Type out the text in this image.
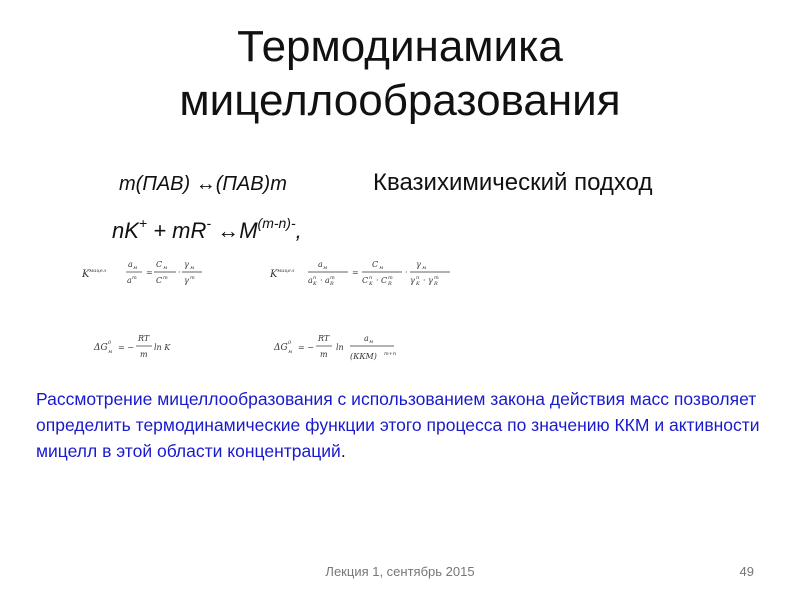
Термодинамика
мицеллообразования
m(ПАВ) ↔(ПАВ)m
nK+ + mR- $\leftrightarrow M^{(m-n)-}$,
Квазихимический подход
K мицел
a м
a m
=
C м
C m
·
γ м
γ m	K мицел
a м
a K
n · a R
m
=
C м
C K
n · C R
m
·
γ м
γ K
n · γ R
m
ΔG 0
м = −
RT
m
ln K	ΔG 0
м = −
RT
m
ln
a м
(ККМ) m+n
Рассмотрение мицеллообразования с использованием закона действия масс позволяет определить термодинамические функции этого процесса по значению ККМ и активности мицелл в этой области концентраций.
Лекция 1, сентябрь 2015	49
